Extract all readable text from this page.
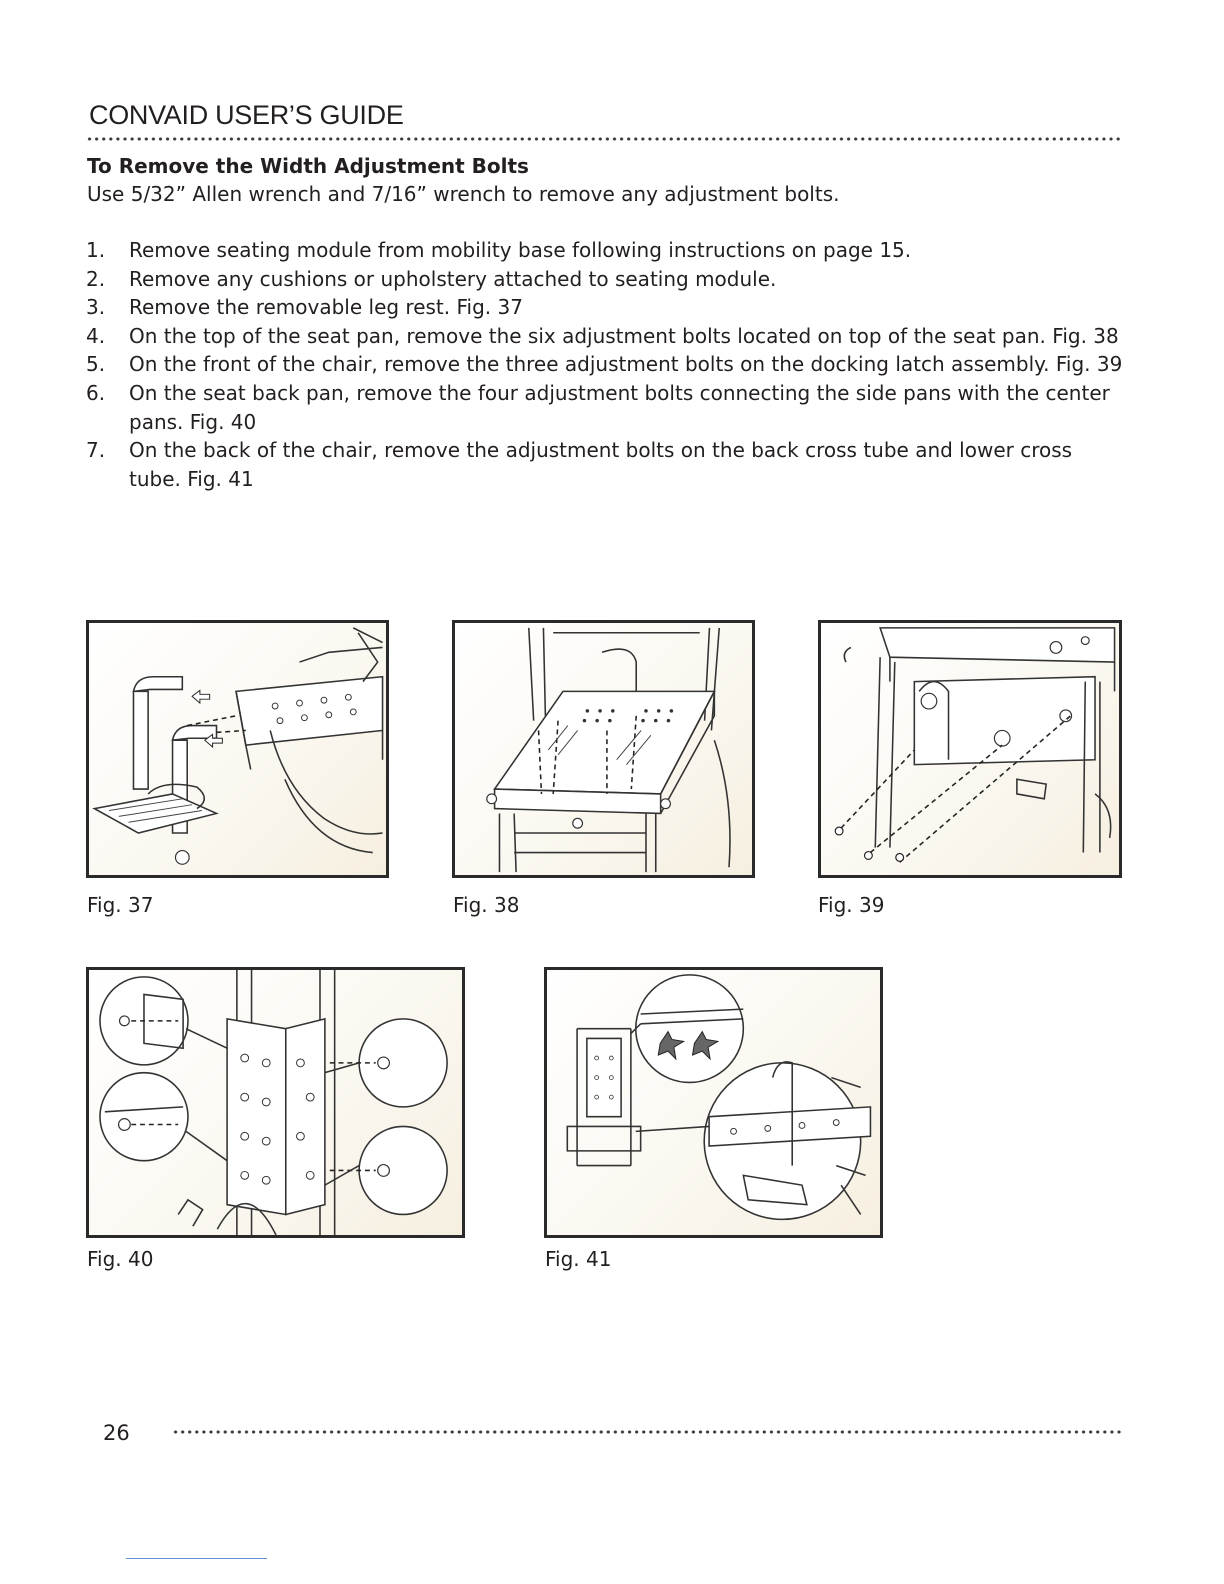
CONVAID USER’S GUIDE
To Remove the Width Adjustment Bolts
Use 5/32” Allen wrench and 7/16” wrench to remove any adjustment bolts.
1. Remove seating module from mobility base following instructions on page 15.
2. Remove any cushions or upholstery attached to seating module.
3. Remove the removable leg rest. Fig. 37
4. On the top of the seat pan, remove the six adjustment bolts located on top of the seat pan. Fig. 38
5. On the front of the chair, remove the three adjustment bolts on the docking latch assembly. Fig. 39
6. On the seat back pan, remove the four adjustment bolts connecting the side pans with the center pans. Fig. 40
7. On the back of the chair, remove the adjustment bolts on the back cross tube and lower cross tube. Fig. 41
Fig. 37	Fig. 38	Fig. 39
Fig. 40	Fig. 41
26
